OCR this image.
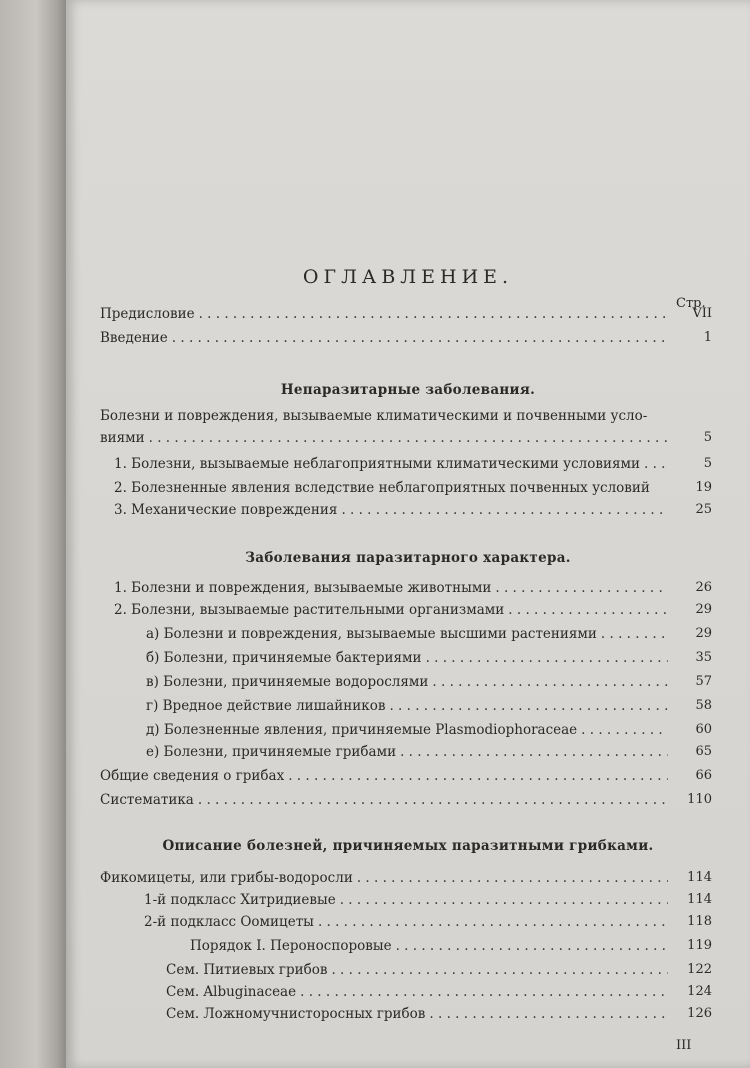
ОГЛАВЛЕНИЕ.
Стр.
Предисловие . . .	VII
Введение . . .	1
Непаразитарные заболевания.
Болезни и повреждения, вызываемые климатическими и почвенными усло-
виями . . .	5
1. Болезни, вызываемые неблагоприятными климатическими условиями . . .	5
2. Болезненные явления вследствие неблагоприятных почвенных условий	19
3. Механические повреждения . . .	25
Заболевания паразитарного характера.
1. Болезни и повреждения, вызываемые животными . . .	26
2. Болезни, вызываемые растительными организмами . . .	29
а) Болезни и повреждения, вызываемые высшими растениями . . .	29
б) Болезни, причиняемые бактериями . . .	35
в) Болезни, причиняемые водорослями . . .	57
г) Вредное действие лишайников . . .	58
д) Болезненные явления, причиняемые Plasmodiophoraceae . . .	60
е) Болезни, причиняемые грибами . . .	65
Общие сведения о грибах . . .	66
Систематика . . .	110
Описание болезней, причиняемых паразитными грибками.
Фикомицеты, или грибы-водоросли . . .	114
1-й подкласс Хитридиевые . . .	114
2-й подкласс Оомицеты . . .	118
Порядок I. Пероноспоровые . . .	119
Сем. Питиевых грибов . . .	122
Сем. Albuginaceae . . .	124
Сем. Ложномучнисторосных грибов . . .	126
III
